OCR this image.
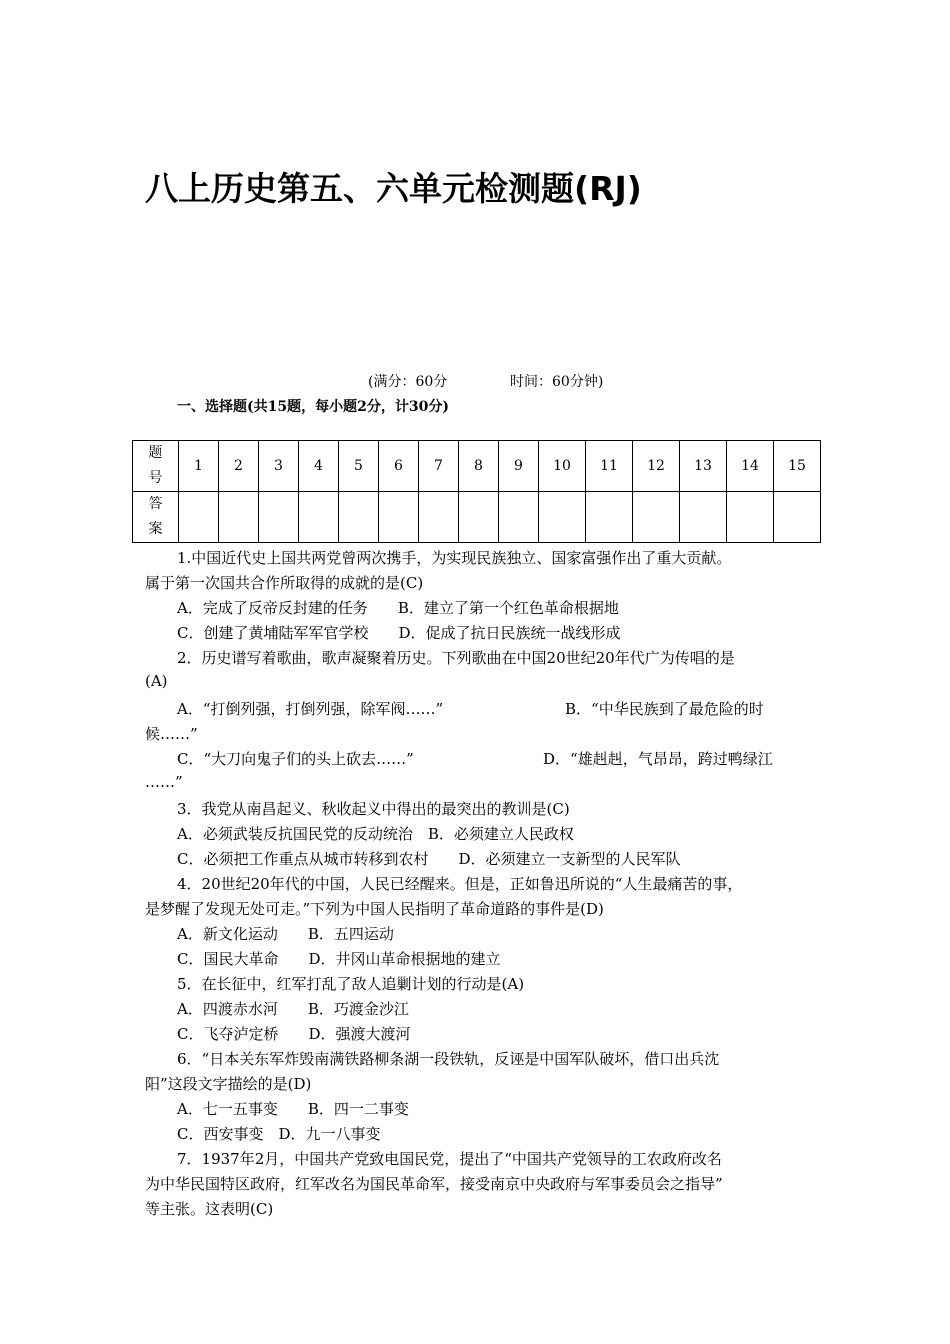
八上历史第五、六单元检测题(RJ)
(满分：60分	时间：60分钟)
一、选择题(共15题，每小题2分，计30分)
题
号	1	2	3	4	5	6	7	8	9	10	11	12	13	14	15
答
案															
1.中国近代史上国共两党曾两次携手，为实现民族独立、国家富强作出了重大贡献。
属于第一次国共合作所取得的成就的是(C)
A．完成了反帝反封建的任务　　B．建立了第一个红色革命根据地
C．创建了黄埔陆军军官学校　　D．促成了抗日民族统一战线形成
2．历史谱写着歌曲，歌声凝聚着历史。下列歌曲在中国20世纪20年代广为传唱的是
(A)
A．“打倒列强，打倒列强，除军阀……”	B．“中华民族到了最危险的时
候……”
C．“大刀向鬼子们的头上砍去……”	D．“雄赳赳，气昂昂，跨过鸭绿江
……”
3．我党从南昌起义、秋收起义中得出的最突出的教训是(C)
A．必须武装反抗国民党的反动统治　B．必须建立人民政权
C．必须把工作重点从城市转移到农村　　D．必须建立一支新型的人民军队
4．20世纪20年代的中国，人民已经醒来。但是，正如鲁迅所说的“人生最痛苦的事，
是梦醒了发现无处可走。”下列为中国人民指明了革命道路的事件是(D)
A．新文化运动　　B．五四运动
C．国民大革命　　D．井冈山革命根据地的建立
5．在长征中，红军打乱了敌人追剿计划的行动是(A)
A．四渡赤水河　　B．巧渡金沙江
C．飞夺泸定桥　　D．强渡大渡河
6．“日本关东军炸毁南满铁路柳条湖一段铁轨，反诬是中国军队破坏，借口出兵沈
阳”这段文字描绘的是(D)
A．七一五事变　　B．四一二事变
C．西安事变　D．九一八事变
7．1937年2月，中国共产党致电国民党，提出了“中国共产党领导的工农政府改名
为中华民国特区政府，红军改名为国民革命军，接受南京中央政府与军事委员会之指导”
等主张。这表明(C)
